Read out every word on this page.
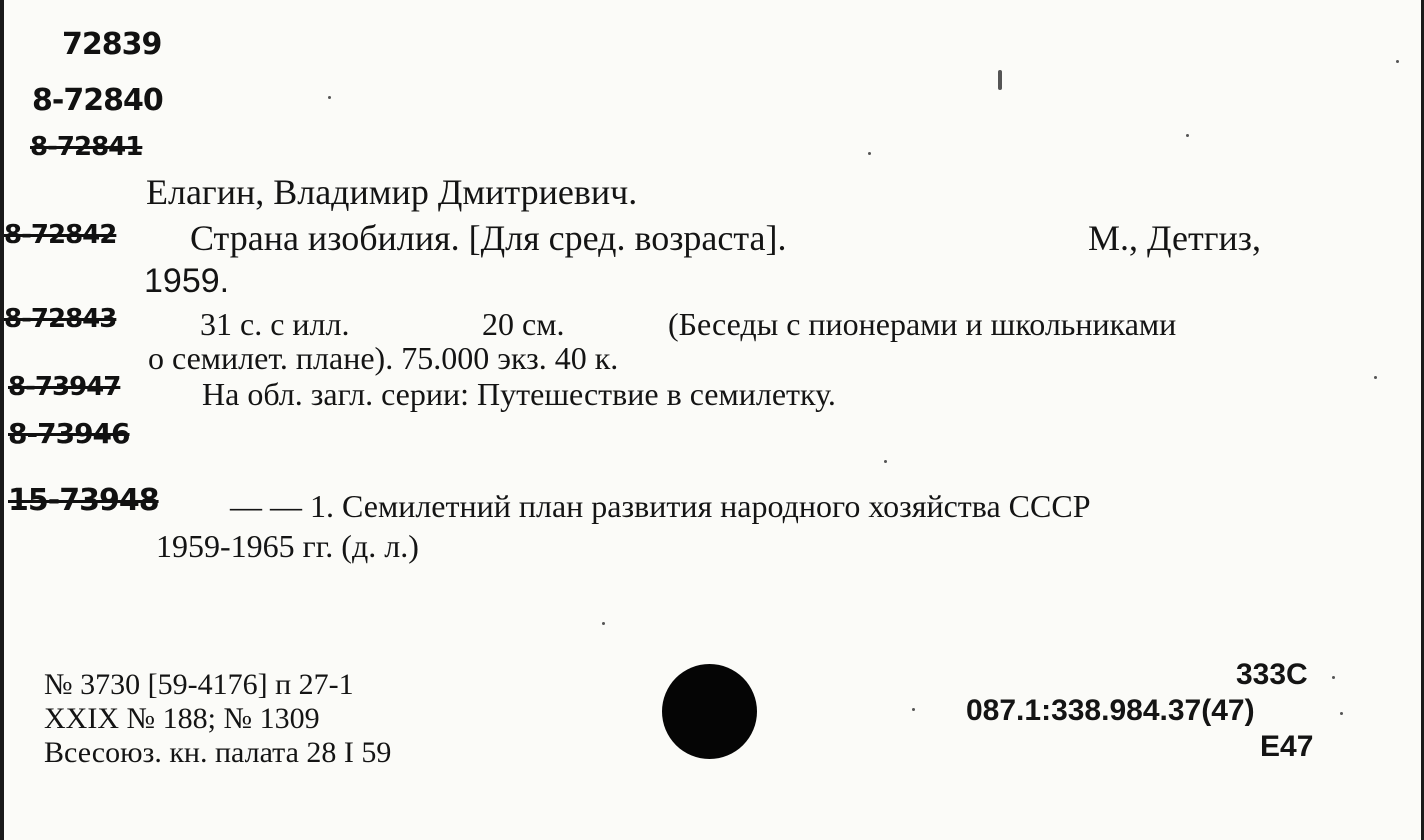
72839
8-72840
8-72841
8-72842
8-72843
8-73947
8-73946
15-73948
Елагин, Владимир Дмитриевич.
Страна изобилия. [Для сред. возраста].	М., Детгиз,
1959.
31 с. с илл.	20 см.	(Беседы с пионерами и школьниками
о семилет. плане). 75.000 экз. 40 к.
На обл. загл. серии: Путешествие в семилетку.
— — 1. Семилетний план развития народного хозяйства СССР
1959-1965 гг. (д. л.)
№ 3730 [59-4176] п 27-1
XXIX № 188; № 1309
Всесоюз. кн. палата 28 I 59
333С
087.1:338.984.37(47)
Е47
